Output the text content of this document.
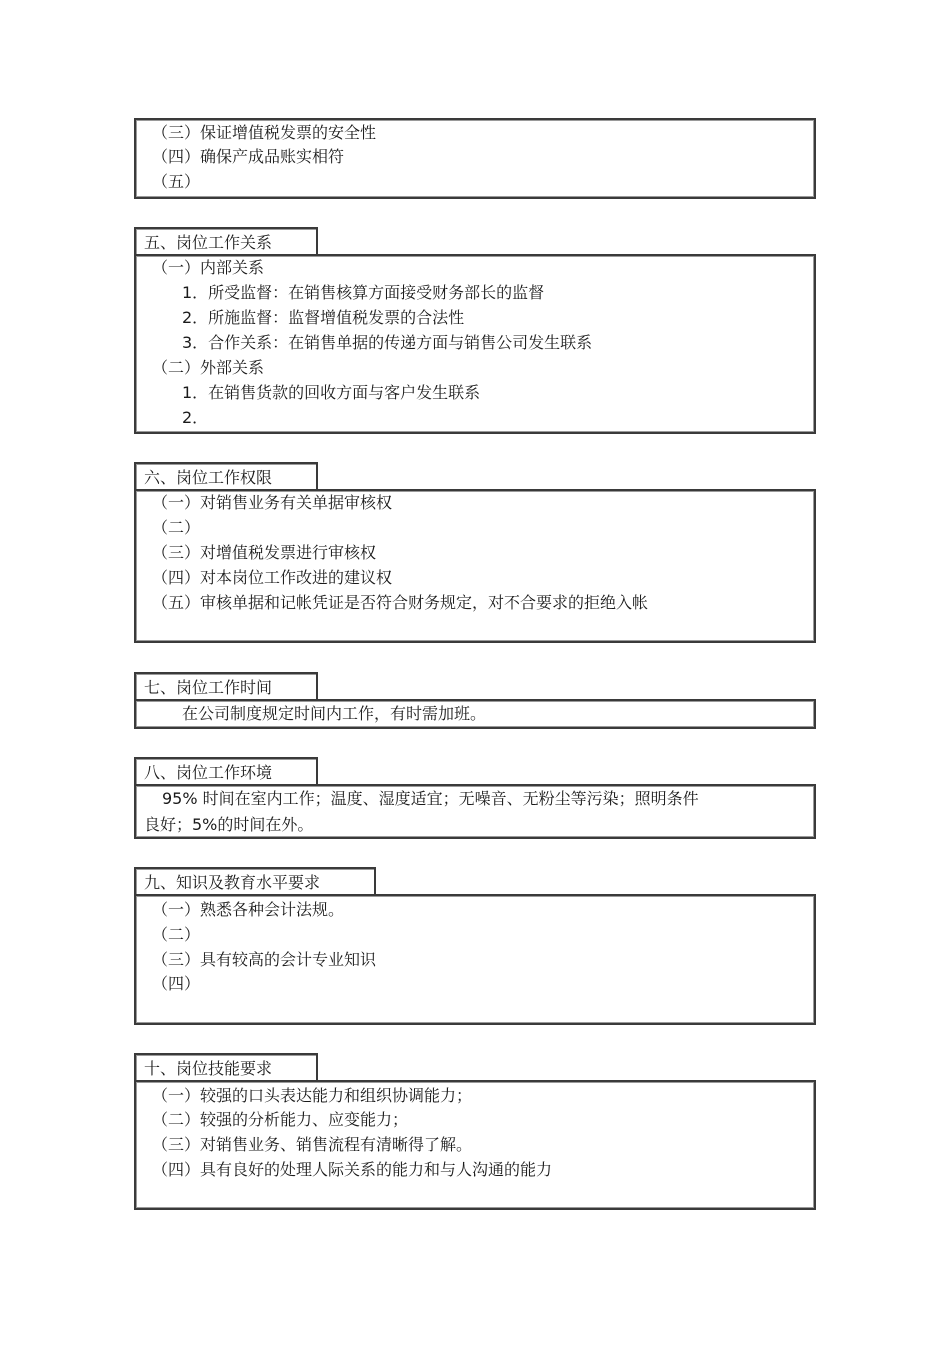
（三）保证增值税发票的安全性
（四）确保产成品账实相符
（五）
五、岗位工作关系
（一）内部关系
1．所受监督：在销售核算方面接受财务部长的监督
2．所施监督：监督增值税发票的合法性
3．合作关系：在销售单据的传递方面与销售公司发生联系
（二）外部关系
1．在销售货款的回收方面与客户发生联系
2．
六、岗位工作权限
（一）对销售业务有关单据审核权
（二）
（三）对增值税发票进行审核权
（四）对本岗位工作改进的建议权
（五）审核单据和记帐凭证是否符合财务规定，对不合要求的拒绝入帐
七、岗位工作时间
在公司制度规定时间内工作，有时需加班。
八、岗位工作环境
95% 时间在室内工作；温度、湿度适宜；无噪音、无粉尘等污染；照明条件
良好；5%的时间在外。
九、知识及教育水平要求
（一）熟悉各种会计法规。
（二）
（三）具有较高的会计专业知识
（四）
十、岗位技能要求
（一）较强的口头表达能力和组织协调能力；
（二）较强的分析能力、应变能力；
（三）对销售业务、销售流程有清晰得了解。
（四）具有良好的处理人际关系的能力和与人沟通的能力
